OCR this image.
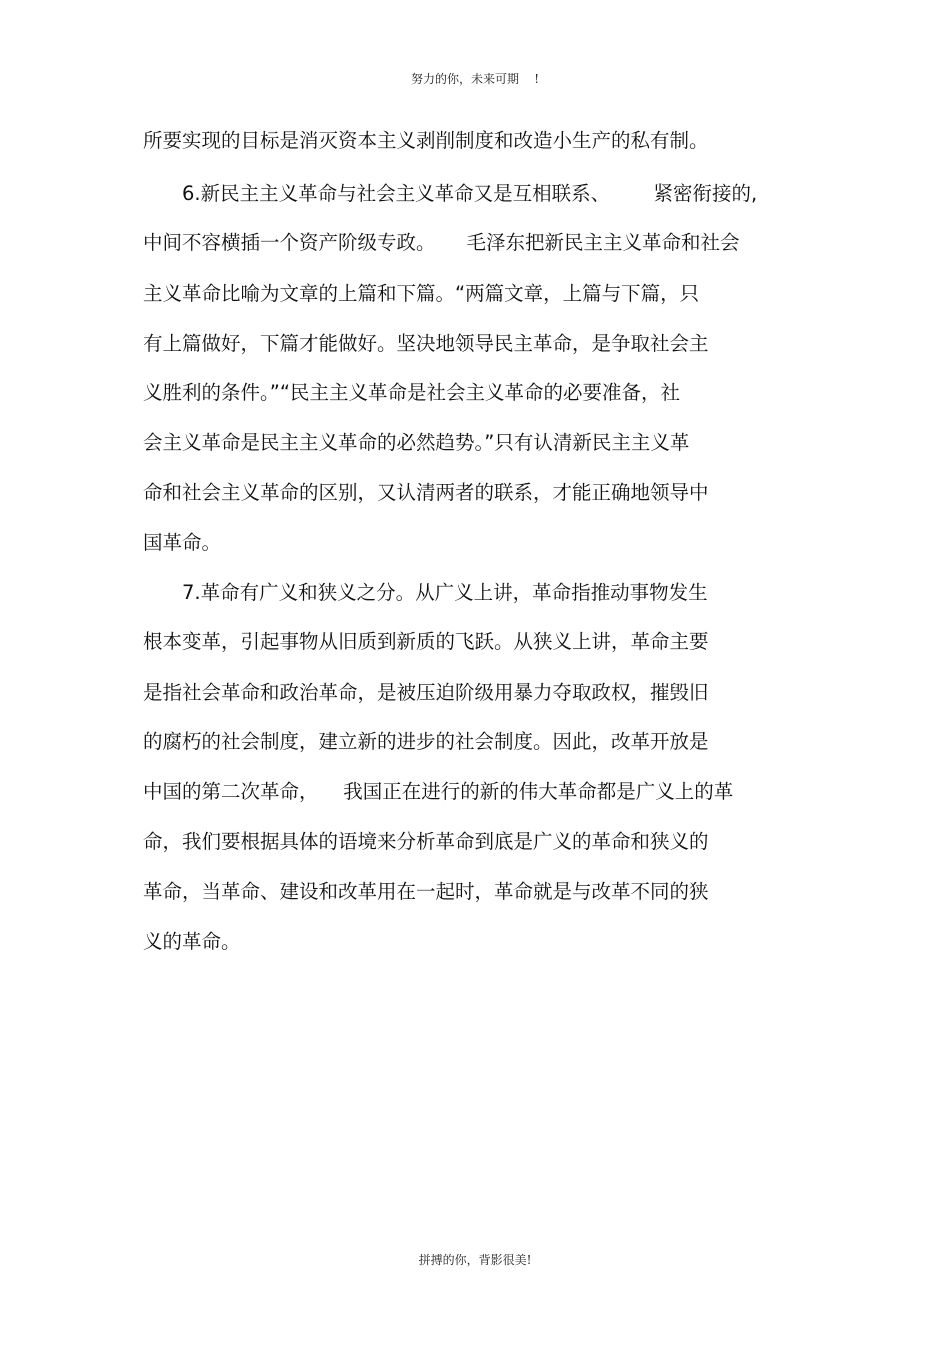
努力的你，未来可期    !
所要实现的目标是消灭资本主义剥削制度和改造小生产的私有制。
6.新民主主义革命与社会主义革命又是互相联系、       紧密衔接的,
中间不容横插一个资产阶级专政。     毛泽东把新民主主义革命和社会
主义革命比喻为文章的上篇和下篇。“两篇文章，上篇与下篇，只
有上篇做好，下篇才能做好。坚决地领导民主革命，是争取社会主
义胜利的条件。”“民主主义革命是社会主义革命的必要准备，社
会主义革命是民主主义革命的必然趋势。”只有认清新民主主义革
命和社会主义革命的区别，又认清两者的联系，才能正确地领导中
国革命。
7.革命有广义和狭义之分。从广义上讲，革命指推动事物发生
根本变革，引起事物从旧质到新质的飞跃。从狭义上讲，革命主要
是指社会革命和政治革命，是被压迫阶级用暴力夺取政权，摧毁旧
的腐朽的社会制度，建立新的进步的社会制度。因此，改革开放是
中国的第二次革命，    我国正在进行的新的伟大革命都是广义上的革
命，我们要根据具体的语境来分析革命到底是广义的革命和狭义的
革命，当革命、建设和改革用在一起时，革命就是与改革不同的狭
义的革命。
拼搏的你，背影很美!
